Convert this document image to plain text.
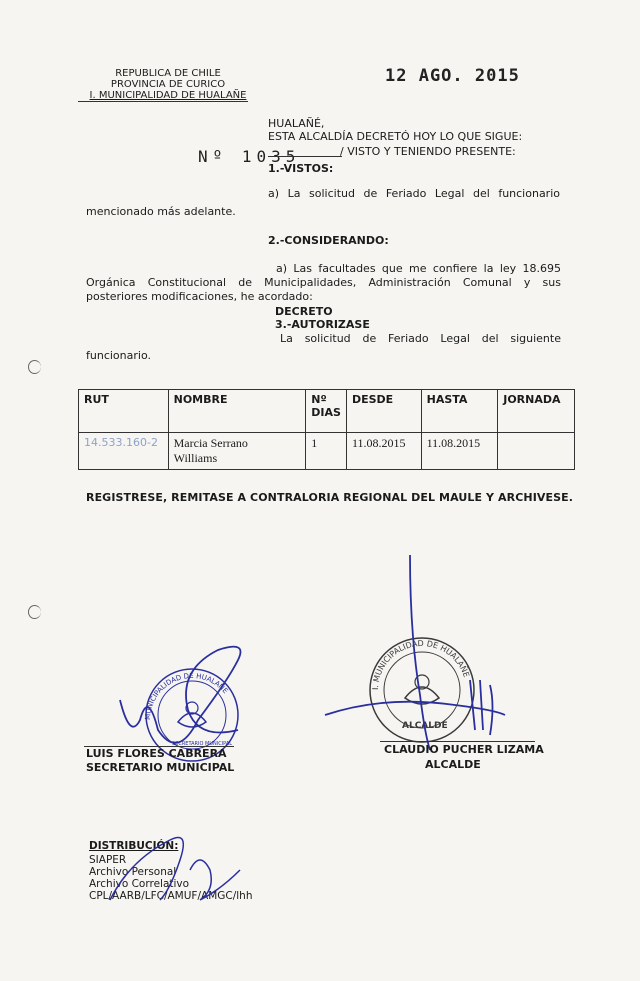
REPUBLICA DE CHILE
PROVINCIA DE CURICO
I. MUNICIPALIDAD DE HUALAÑE
12 AGO. 2015
HUALAÑÉ,
ESTA ALCALDÍA DECRETÓ HOY LO QUE SIGUE:
Nº 1035	/ VISTO Y TENIENDO PRESENTE:
1.-VISTOS:
a) La solicitud de Feriado Legal del funcionario
mencionado más adelante.
2.-CONSIDERANDO:
a) Las facultades que me confiere la ley 18.695
Orgánica Constitucional de Municipalidades, Administración Comunal y sus
posteriores modificaciones, he acordado:
DECRETO
3.-AUTORIZASE
La solicitud de Feriado Legal del siguiente
funcionario.
RUT	NOMBRE	Nº DIAS	DESDE	HASTA	JORNADA
14.533.160-2	Marcia Serrano
Williams	1	11.08.2015	11.08.2015	
REGISTRESE, REMITASE A CONTRALORIA REGIONAL DEL MAULE Y ARCHIVESE.
MUNICIPALIDAD DE HUALAÑE
SECRETARIO MUNICIPAL
I. MUNICIPALIDAD DE HUALAÑE
ALCALDE
LUIS FLORES CABRERA
SECRETARIO MUNICIPAL
CLAUDIO PUCHER LIZAMA
ALCALDE
DISTRIBUCIÓN:
SIAPER
Archivo Personal
Archivo Correlativo
CPL/AARB/LFC/AMUF/AMGC/lhh
